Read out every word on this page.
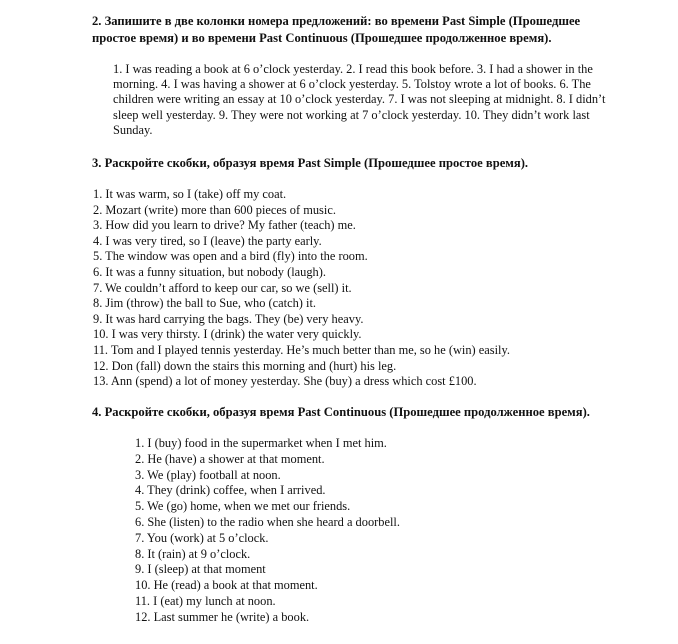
2. Запишите в две колонки номера предложений: во времени Past Simple (Прошедшее простое время) и во времени Past Continuous (Прошедшее продолженное время).

1. I was reading a book at 6 o’clock yesterday. 2. I read this book before. 3. I had a shower in the morning. 4. I was having a shower at 6 o’clock yesterday. 5. Tolstoy wrote a lot of books. 6. The children were writing an essay at 10 o’clock yesterday. 7. I was not sleeping at midnight. 8. I didn’t sleep well yesterday. 9. They were not working at 7 o’clock yesterday. 10. They didn’t work last Sunday.

3. Раскройте скобки, образуя время Past Simple (Прошедшее простое время).

1. It was warm, so I (take) off my coat.
2. Mozart (write) more than 600 pieces of music.
3. How did you learn to drive? My father (teach) me.
4. I was very tired, so I (leave) the party early.
5. The window was open and a bird (fly) into the room.
6. It was a funny situation, but nobody (laugh).
7. We couldn’t afford to keep our car, so we (sell) it.
8. Jim (throw) the ball to Sue, who (catch) it.
9. It was hard carrying the bags. They (be) very heavy.
10. I was very thirsty. I (drink) the water very quickly.
11. Tom and I played tennis yesterday. He’s much better than me, so he (win) easily.
12. Don (fall) down the stairs this morning and (hurt) his leg.
13. Ann (spend) a lot of money yesterday. She (buy) a dress which cost £100.

4. Раскройте скобки, образуя время Past Continuous (Прошедшее продолженное время).

1. I (buy) food in the supermarket when I met him.
2. He (have) a shower at that moment.
3. We (play) football at noon.
4. They (drink) coffee, when I arrived.
5. We (go) home, when we met our friends.
6. She (listen) to the radio when she heard a doorbell.
7. You (work) at 5 o’clock.
8. It (rain) at 9 o’clock.
9. I (sleep) at that moment
10. He (read) a book at that moment.
11. I (eat) my lunch at noon.
12. Last summer he (write) a book.
